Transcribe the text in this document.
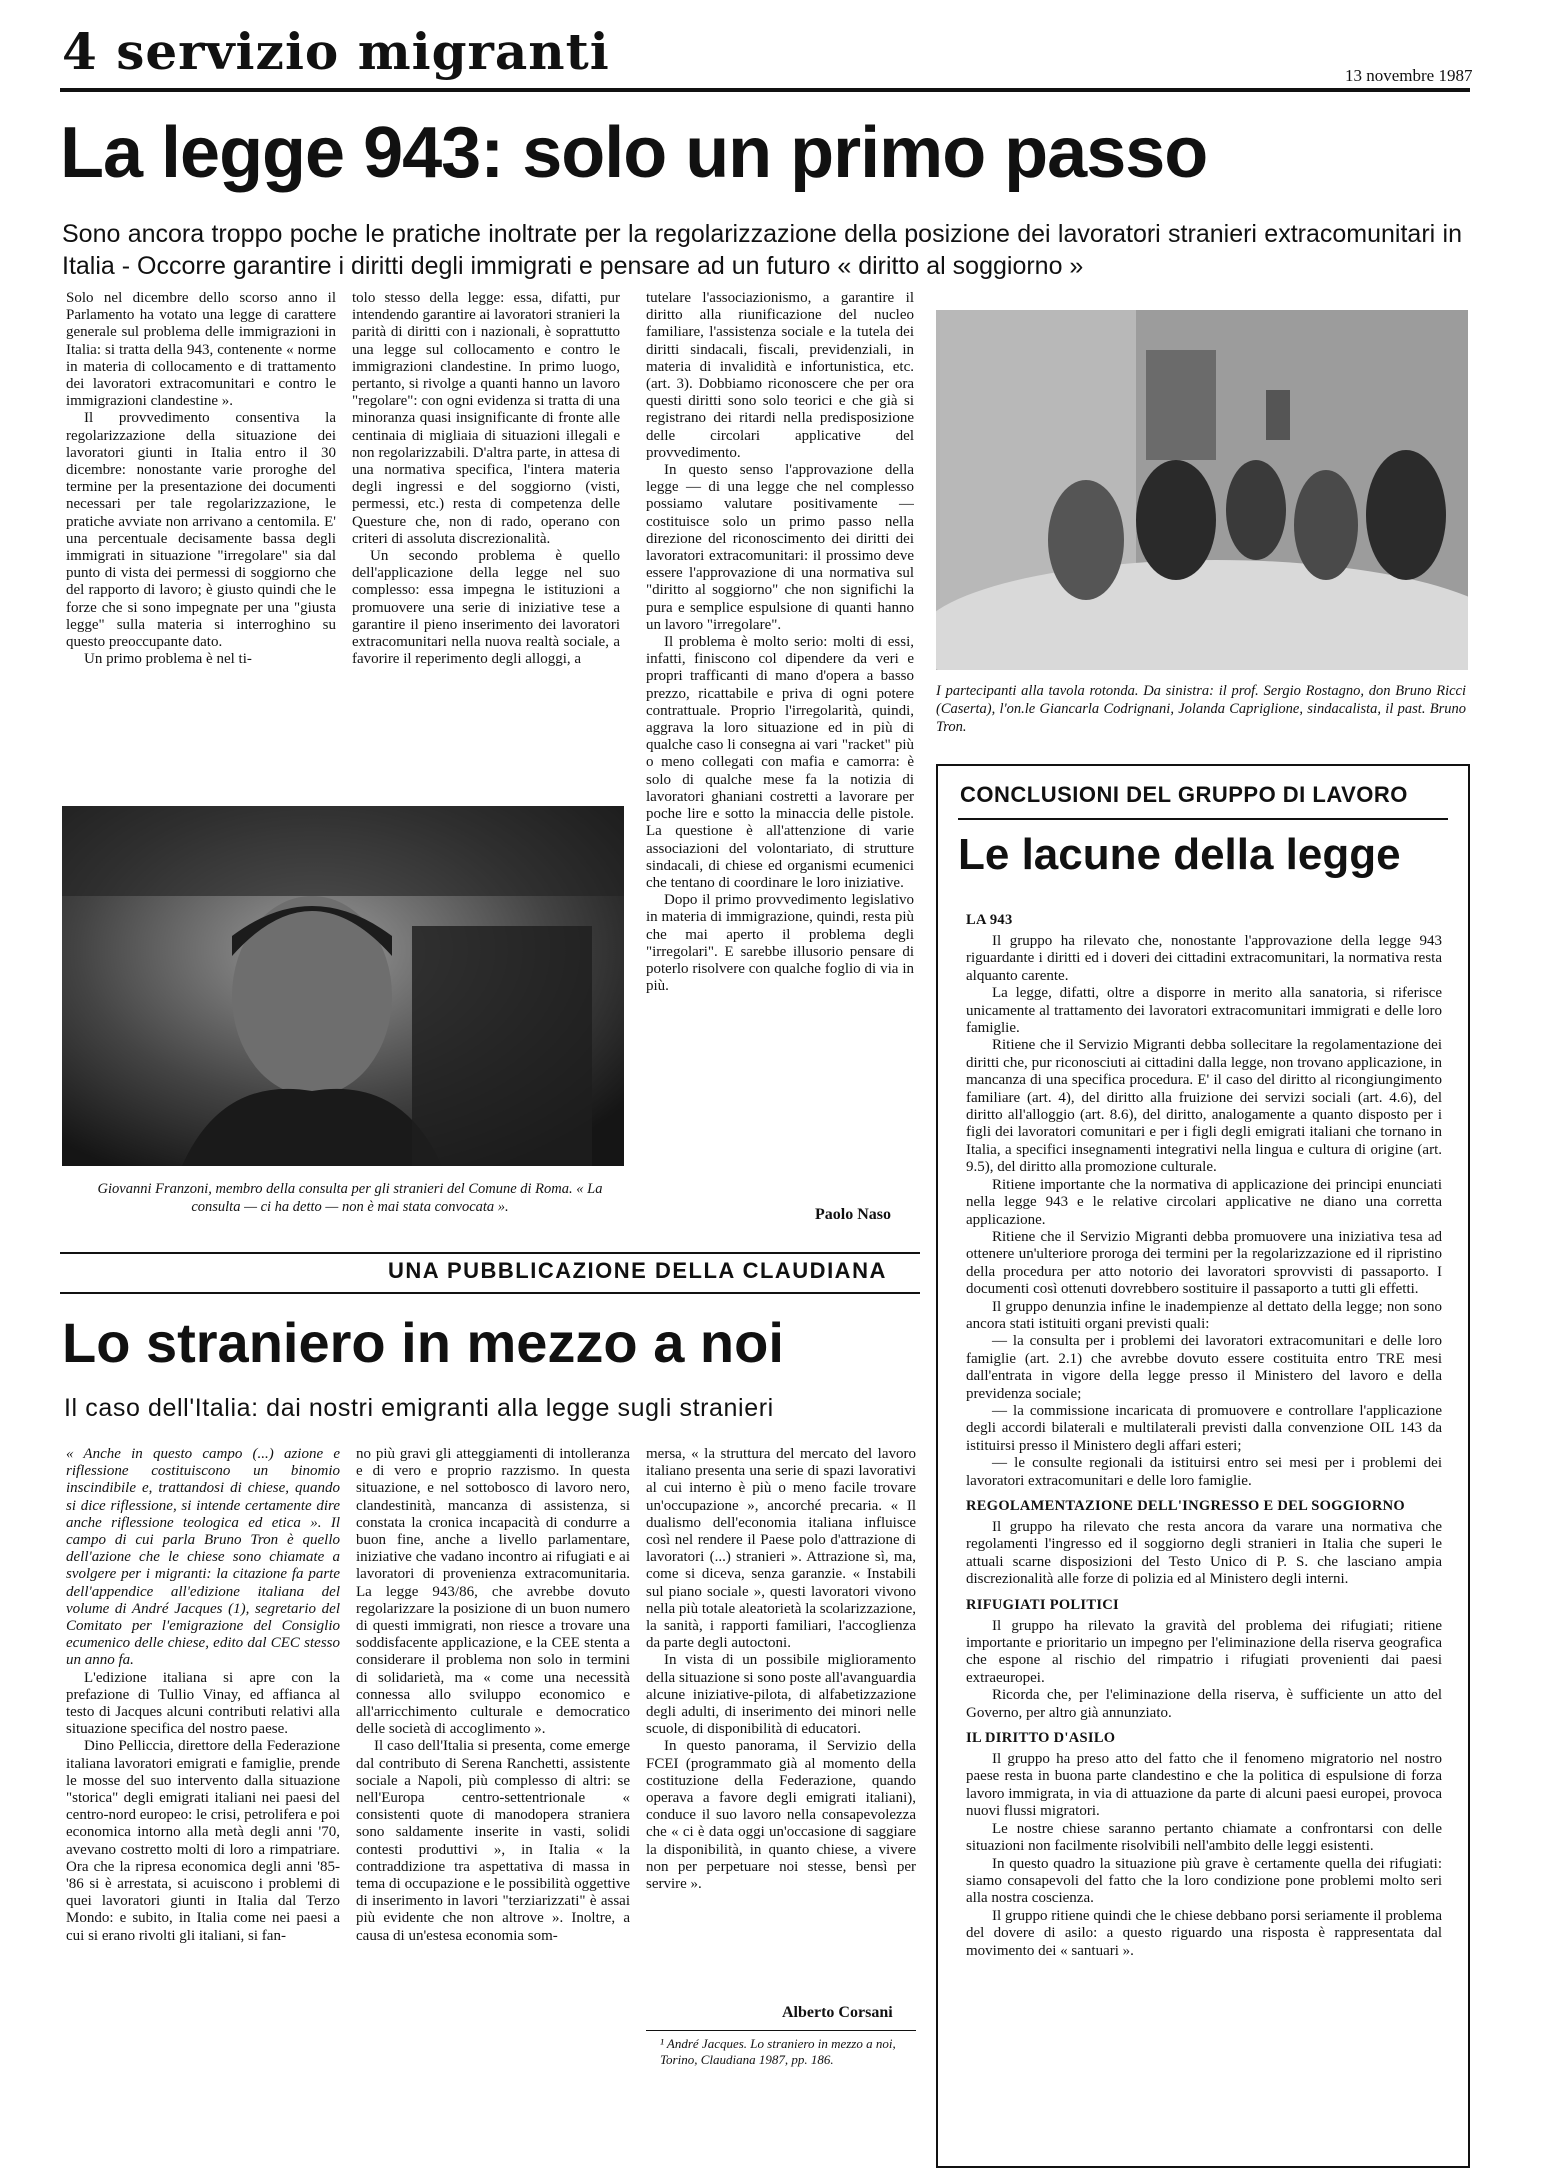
4 servizio migranti	13 novembre 1987
La legge 943: solo un primo passo
Sono ancora troppo poche le pratiche inoltrate per la regolarizzazione della posizione dei lavoratori stranieri extracomunitari in Italia - Occorre garantire i diritti degli immigrati e pensare ad un futuro « diritto al soggiorno »

Solo nel dicembre dello scorso anno il Parlamento ha votato una legge di carattere generale sul problema delle immigrazioni in Italia: si tratta della 943, contenente « norme in materia di collocamento e di trattamento dei lavoratori extracomunitari e contro le immigrazioni clandestine ».

Il provvedimento consentiva la regolarizzazione della situazione dei lavoratori giunti in Italia entro il 30 dicembre: nonostante varie proroghe del termine per la presentazione dei documenti necessari per tale regolarizzazione, le pratiche avviate non arrivano a centomila. E' una percentuale decisamente bassa degli immigrati in situazione "irregolare" sia dal punto di vista dei permessi di soggiorno che del rapporto di lavoro; è giusto quindi che le forze che si sono impegnate per una "giusta legge" sulla materia si interroghino su questo preoccupante dato.

Un primo problema è nel ti-

tolo stesso della legge: essa, difatti, pur intendendo garantire ai lavoratori stranieri la parità di diritti con i nazionali, è soprattutto una legge sul collocamento e contro le immigrazioni clandestine. In primo luogo, pertanto, si rivolge a quanti hanno un lavoro "regolare": con ogni evidenza si tratta di una minoranza quasi insignificante di fronte alle centinaia di migliaia di situazioni illegali e non regolarizzabili. D'altra parte, in attesa di una normativa specifica, l'intera materia degli ingressi e del soggiorno (visti, permessi, etc.) resta di competenza delle Questure che, non di rado, operano con criteri di assoluta discrezionalità.

Un secondo problema è quello dell'applicazione della legge nel suo complesso: essa impegna le istituzioni a promuovere una serie di iniziative tese a garantire il pieno inserimento dei lavoratori extracomunitari nella nuova realtà sociale, a favorire il reperimento degli alloggi, a

tutelare l'associazionismo, a garantire il diritto alla riunificazione del nucleo familiare, l'assistenza sociale e la tutela dei diritti sindacali, fiscali, previdenziali, in materia di invalidità e infortunistica, etc. (art. 3). Dobbiamo riconoscere che per ora questi diritti sono solo teorici e che già si registrano dei ritardi nella predisposizione delle circolari applicative del provvedimento.

In questo senso l'approvazione della legge — di una legge che nel complesso possiamo valutare positivamente — costituisce solo un primo passo nella direzione del riconoscimento dei diritti dei lavoratori extracomunitari: il prossimo deve essere l'approvazione di una normativa sul "diritto al soggiorno" che non significhi la pura e semplice espulsione di quanti hanno un lavoro "irregolare".

Il problema è molto serio: molti di essi, infatti, finiscono col dipendere da veri e propri trafficanti di mano d'opera a basso prezzo, ricattabile e priva di ogni potere contrattuale. Proprio l'irregolarità, quindi, aggrava la loro situazione ed in più di qualche caso li consegna ai vari "racket" più o meno collegati con mafia e camorra: è solo di qualche mese fa la notizia di lavoratori ghaniani costretti a lavorare per poche lire e sotto la minaccia delle pistole. La questione è all'attenzione di varie associazioni del volontariato, di strutture sindacali, di chiese ed organismi ecumenici che tentano di coordinare le loro iniziative.

Dopo il primo provvedimento legislativo in materia di immigrazione, quindi, resta più che mai aperto il problema degli "irregolari". E sarebbe illusorio pensare di poterlo risolvere con qualche foglio di via in più.

Paolo Naso
Giovanni Franzoni, membro della consulta per gli stranieri del Comune di Roma. « La consulta — ci ha detto — non è mai stata convocata ».
I partecipanti alla tavola rotonda. Da sinistra: il prof. Sergio Rostagno, don Bruno Ricci (Caserta), l'on.le Giancarla Codrignani, Jolanda Capriglione, sindacalista, il past. Bruno Tron.
UNA PUBBLICAZIONE DELLA CLAUDIANA
Lo straniero in mezzo a noi
Il caso dell'Italia: dai nostri emigranti alla legge sugli stranieri

« Anche in questo campo (...) azione e riflessione costituiscono un binomio inscindibile e, trattandosi di chiese, quando si dice riflessione, si intende certamente dire anche riflessione teologica ed etica ». Il campo di cui parla Bruno Tron è quello dell'azione che le chiese sono chiamate a svolgere per i migranti: la citazione fa parte dell'appendice all'edizione italiana del volume di André Jacques (1), segretario del Comitato per l'emigrazione del Consiglio ecumenico delle chiese, edito dal CEC stesso un anno fa.

L'edizione italiana si apre con la prefazione di Tullio Vinay, ed affianca al testo di Jacques alcuni contributi relativi alla situazione specifica del nostro paese.

Dino Pelliccia, direttore della Federazione italiana lavoratori emigrati e famiglie, prende le mosse del suo intervento dalla situazione "storica" degli emigrati italiani nei paesi del centro-nord europeo: le crisi, petrolifera e poi economica intorno alla metà degli anni '70, avevano costretto molti di loro a rimpatriare. Ora che la ripresa economica degli anni '85-'86 si è arrestata, si acuiscono i problemi di quei lavoratori giunti in Italia dal Terzo Mondo: e subito, in Italia come nei paesi a cui si erano rivolti gli italiani, si fan-

no più gravi gli atteggiamenti di intolleranza e di vero e proprio razzismo. In questa situazione, e nel sottobosco di lavoro nero, clandestinità, mancanza di assistenza, si constata la cronica incapacità di condurre a buon fine, anche a livello parlamentare, iniziative che vadano incontro ai rifugiati e ai lavoratori di provenienza extracomunitaria. La legge 943/86, che avrebbe dovuto regolarizzare la posizione di un buon numero di questi immigrati, non riesce a trovare una soddisfacente applicazione, e la CEE stenta a considerare il problema non solo in termini di solidarietà, ma « come una necessità connessa allo sviluppo economico e all'arricchimento culturale e democratico delle società di accoglimento ».

Il caso dell'Italia si presenta, come emerge dal contributo di Serena Ranchetti, assistente sociale a Napoli, più complesso di altri: se nell'Europa centro-settentrionale « consistenti quote di manodopera straniera sono saldamente inserite in vasti, solidi contesti produttivi », in Italia « la contraddizione tra aspettativa di massa in tema di occupazione e le possibilità oggettive di inserimento in lavori "terziarizzati" è assai più evidente che non altrove ». Inoltre, a causa di un'estesa economia som-

mersa, « la struttura del mercato del lavoro italiano presenta una serie di spazi lavorativi al cui interno è più o meno facile trovare un'occupazione », ancorché precaria. « Il dualismo dell'economia italiana influisce così nel rendere il Paese polo d'attrazione di lavoratori (...) stranieri ». Attrazione sì, ma, come si diceva, senza garanzie. « Instabili sul piano sociale », questi lavoratori vivono nella più totale aleatorietà la scolarizzazione, la sanità, i rapporti familiari, l'accoglienza da parte degli autoctoni.

In vista di un possibile miglioramento della situazione si sono poste all'avanguardia alcune iniziative-pilota, di alfabetizzazione degli adulti, di inserimento dei minori nelle scuole, di disponibilità di educatori.

In questo panorama, il Servizio della FCEI (programmato già al momento della costituzione della Federazione, quando operava a favore degli emigrati italiani), conduce il suo lavoro nella consapevolezza che « ci è data oggi un'occasione di saggiare la disponibilità, in quanto chiese, a vivere non per perpetuare noi stesse, bensì per servire ».

Alberto Corsani
¹ André Jacques. Lo straniero in mezzo a noi, Torino, Claudiana 1987, pp. 186.
CONCLUSIONI DEL GRUPPO DI LAVORO
Le lacune della legge
LA 943

Il gruppo ha rilevato che, nonostante l'approvazione della legge 943 riguardante i diritti ed i doveri dei cittadini extracomunitari, la normativa resta alquanto carente.

La legge, difatti, oltre a disporre in merito alla sanatoria, si riferisce unicamente al trattamento dei lavoratori extracomunitari immigrati e delle loro famiglie.

Ritiene che il Servizio Migranti debba sollecitare la regolamentazione dei diritti che, pur riconosciuti ai cittadini dalla legge, non trovano applicazione, in mancanza di una specifica procedura. E' il caso del diritto al ricongiungimento familiare (art. 4), del diritto alla fruizione dei servizi sociali (art. 4.6), del diritto all'alloggio (art. 8.6), del diritto, analogamente a quanto disposto per i figli dei lavoratori comunitari e per i figli degli emigrati italiani che tornano in Italia, a specifici insegnamenti integrativi nella lingua e cultura di origine (art. 9.5), del diritto alla promozione culturale.

Ritiene importante che la normativa di applicazione dei principi enunciati nella legge 943 e le relative circolari applicative ne diano una corretta applicazione.

Ritiene che il Servizio Migranti debba promuovere una iniziativa tesa ad ottenere un'ulteriore proroga dei termini per la regolarizzazione ed il ripristino della procedura per atto notorio dei lavoratori sprovvisti di passaporto. I documenti così ottenuti dovrebbero sostituire il passaporto a tutti gli effetti.

Il gruppo denunzia infine le inadempienze al dettato della legge; non sono ancora stati istituiti organi previsti quali:

— la consulta per i problemi dei lavoratori extracomunitari e delle loro famiglie (art. 2.1) che avrebbe dovuto essere costituita entro TRE mesi dall'entrata in vigore della legge presso il Ministero del lavoro e della previdenza sociale;

— la commissione incaricata di promuovere e controllare l'applicazione degli accordi bilaterali e multilaterali previsti dalla convenzione OIL 143 da istituirsi presso il Ministero degli affari esteri;

— le consulte regionali da istituirsi entro sei mesi per i problemi dei lavoratori extracomunitari e delle loro famiglie.

REGOLAMENTAZIONE DELL'INGRESSO E DEL SOGGIORNO

Il gruppo ha rilevato che resta ancora da varare una normativa che regolamenti l'ingresso ed il soggiorno degli stranieri in Italia che superi le attuali scarne disposizioni del Testo Unico di P. S. che lasciano ampia discrezionalità alle forze di polizia ed al Ministero degli interni.

RIFUGIATI POLITICI

Il gruppo ha rilevato la gravità del problema dei rifugiati; ritiene importante e prioritario un impegno per l'eliminazione della riserva geografica che espone al rischio del rimpatrio i rifugiati provenienti dai paesi extraeuropei.

Ricorda che, per l'eliminazione della riserva, è sufficiente un atto del Governo, per altro già annunziato.

IL DIRITTO D'ASILO

Il gruppo ha preso atto del fatto che il fenomeno migratorio nel nostro paese resta in buona parte clandestino e che la politica di espulsione di forza lavoro immigrata, in via di attuazione da parte di alcuni paesi europei, provoca nuovi flussi migratori.

Le nostre chiese saranno pertanto chiamate a confrontarsi con delle situazioni non facilmente risolvibili nell'ambito delle leggi esistenti.

In questo quadro la situazione più grave è certamente quella dei rifugiati: siamo consapevoli del fatto che la loro condizione pone problemi molto seri alla nostra coscienza.

Il gruppo ritiene quindi che le chiese debbano porsi seriamente il problema del dovere di asilo: a questo riguardo una risposta è rappresentata dal movimento dei « santuari ».
